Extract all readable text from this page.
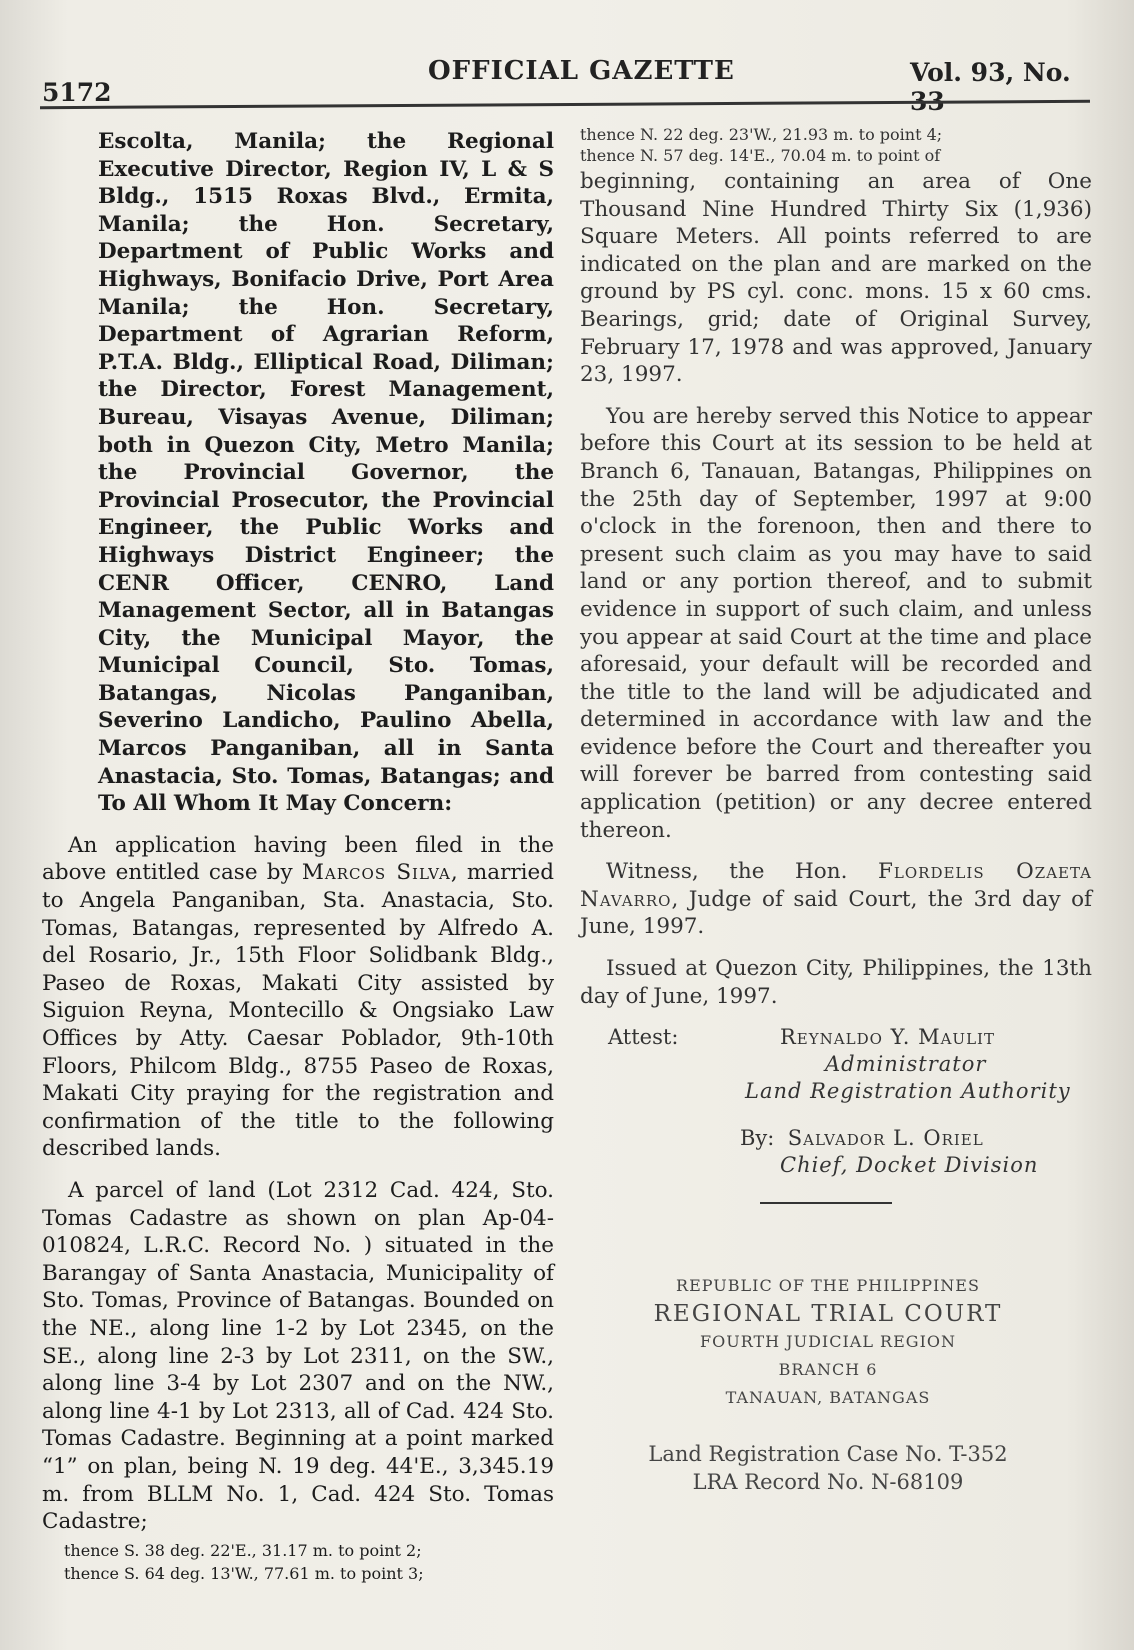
5172
OFFICIAL GAZETTE	Vol. 93, No. 33

Escolta, Manila; the Regional Executive Director, Region IV, L & S Bldg., 1515 Roxas Blvd., Ermita, Manila; the Hon. Secretary, Department of Public Works and Highways, Bonifacio Drive, Port Area Manila; the Hon. Secretary, Department of Agrarian Reform, P.T.A. Bldg., Elliptical Road, Diliman; the Director, Forest Management, Bureau, Visayas Avenue, Diliman; both in Quezon City, Metro Manila; the Provincial Governor, the Provincial Prosecutor, the Provincial Engineer, the Public Works and Highways District Engineer; the CENR Officer, CENRO, Land Management Sector, all in Batangas City, the Municipal Mayor, the Municipal Council, Sto. Tomas, Batangas, Nicolas Panganiban, Severino Landicho, Paulino Abella, Marcos Panganiban, all in Santa Anastacia, Sto. Tomas, Batangas; and To All Whom It May Concern:

An application having been filed in the above entitled case by Marcos Silva, married to Angela Panganiban, Sta. Anastacia, Sto. Tomas, Batangas, represented by Alfredo A. del Rosario, Jr., 15th Floor Solidbank Bldg., Paseo de Roxas, Makati City assisted by Siguion Reyna, Montecillo & Ongsiako Law Offices by Atty. Caesar Poblador, 9th-10th Floors, Philcom Bldg., 8755 Paseo de Roxas, Makati City praying for the registration and confirmation of the title to the following described lands.

A parcel of land (Lot 2312 Cad. 424, Sto. Tomas Cadastre as shown on plan Ap-04-010824, L.R.C. Record No. ) situated in the Barangay of Santa Anastacia, Municipality of Sto. Tomas, Province of Batangas. Bounded on the NE., along line 1-2 by Lot 2345, on the SE., along line 2-3 by Lot 2311, on the SW., along line 3-4 by Lot 2307 and on the NW., along line 4-1 by Lot 2313, all of Cad. 424 Sto. Tomas Cadastre. Beginning at a point marked “1” on plan, being N. 19 deg. 44'E., 3,345.19 m. from BLLM No. 1, Cad. 424 Sto. Tomas Cadastre;

thence S. 38 deg. 22'E., 31.17 m. to point 2;
thence S. 64 deg. 13'W., 77.61 m. to point 3;
thence N. 22 deg. 23'W., 21.93 m. to point 4;
thence N. 57 deg. 14'E., 70.04 m. to point of

beginning, containing an area of One Thousand Nine Hundred Thirty Six (1,936) Square Meters. All points referred to are indicated on the plan and are marked on the ground by PS cyl. conc. mons. 15 x 60 cms. Bearings, grid; date of Original Survey, February 17, 1978 and was approved, January 23, 1997.

You are hereby served this Notice to appear before this Court at its session to be held at Branch 6, Tanauan, Batangas, Philippines on the 25th day of September, 1997 at 9:00 o'clock in the forenoon, then and there to present such claim as you may have to said land or any portion thereof, and to submit evidence in support of such claim, and unless you appear at said Court at the time and place aforesaid, your default will be recorded and the title to the land will be adjudicated and determined in accordance with law and the evidence before the Court and thereafter you will forever be barred from contesting said application (petition) or any decree entered thereon.

Witness, the Hon. Flordelis Ozaeta Navarro, Judge of said Court, the 3rd day of June, 1997.

Issued at Quezon City, Philippines, the 13th day of June, 1997.

Attest:	Reynaldo Y. Maulit
Administrator
Land Registration Authority
By: Salvador L. Oriel
Chief, Docket Division
REPUBLIC OF THE PHILIPPINES
REGIONAL TRIAL COURT
FOURTH JUDICIAL REGION
BRANCH 6
TANAUAN, BATANGAS
Land Registration Case No. T-352
LRA Record No. N-68109
